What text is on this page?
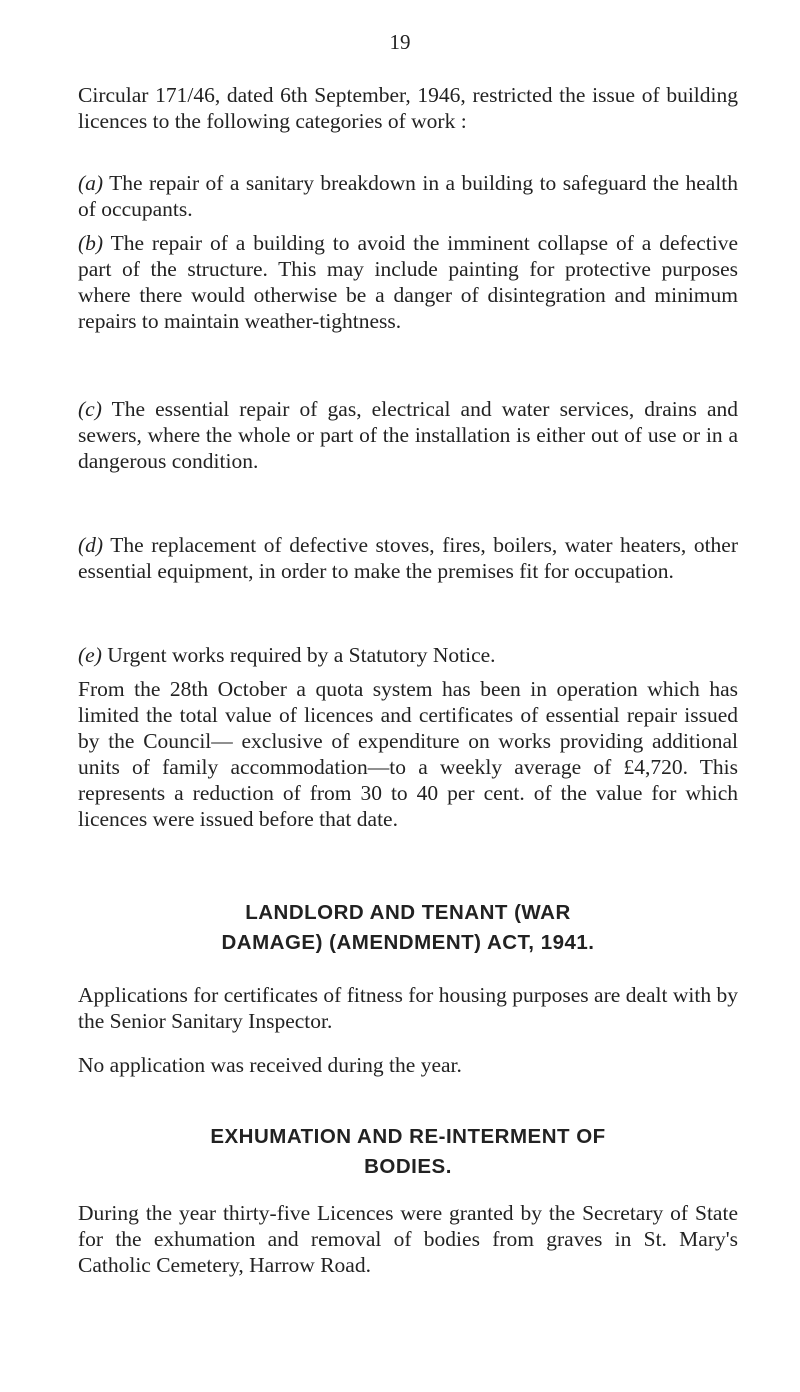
19

Circular 171/46, dated 6th September, 1946, restricted the issue of building licences to the following categories of work :

(a) The repair of a sanitary breakdown in a building to safeguard the health of occupants.

(b) The repair of a building to avoid the imminent collapse of a defective part of the structure. This may include painting for protective purposes where there would otherwise be a danger of disintegration and minimum repairs to maintain weather-tightness.

(c) The essential repair of gas, electrical and water services, drains and sewers, where the whole or part of the installation is either out of use or in a dangerous condition.

(d) The replacement of defective stoves, fires, boilers, water heaters, other essential equipment, in order to make the premises fit for occupation.

(e) Urgent works required by a Statutory Notice.

From the 28th October a quota system has been in operation which has limited the total value of licences and certificates of essential repair issued by the Council— exclusive of expenditure on works providing additional units of family accommodation—to a weekly average of £4,720. This represents a reduction of from 30 to 40 per cent. of the value for which licences were issued before that date.

LANDLORD AND TENANT (WAR
DAMAGE) (AMENDMENT) ACT, 1941.

Applications for certificates of fitness for housing purposes are dealt with by the Senior Sanitary Inspector.

No application was received during the year.

EXHUMATION AND RE-INTERMENT OF
BODIES.

During the year thirty-five Licences were granted by the Secretary of State for the exhumation and removal of bodies from graves in St. Mary's Catholic Cemetery, Harrow Road.
